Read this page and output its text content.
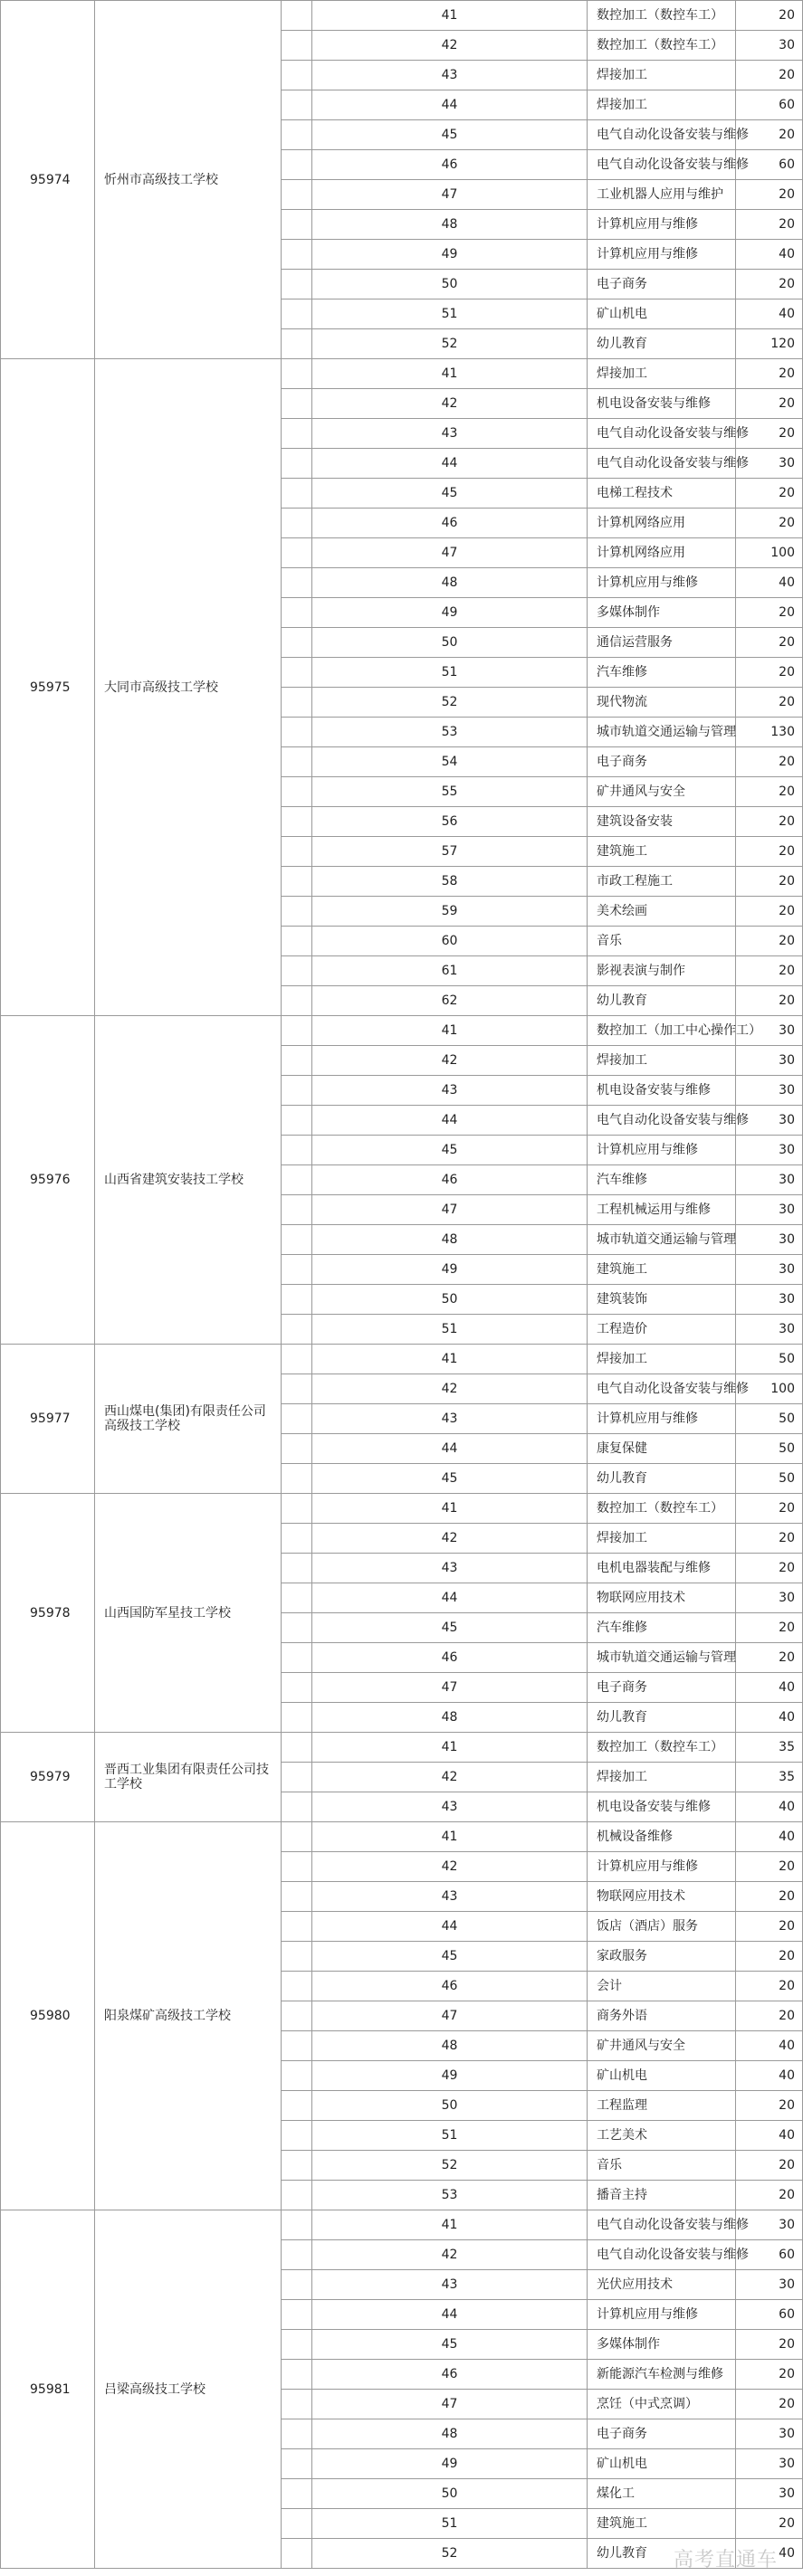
95974	忻州市高级技工学校		41	数控加工（数控车工）	20	
			42	数控加工（数控车工）	30	
			43	焊接加工	20	
			44	焊接加工	60	
			45	电气自动化设备安装与维修	20	
			46	电气自动化设备安装与维修	60	
			47	工业机器人应用与维护	20	
			48	计算机应用与维修	20	
			49	计算机应用与维修	40	
			50	电子商务	20	
			51	矿山机电	40	
			52	幼儿教育	120	
95975	大同市高级技工学校		41	焊接加工	20	
			42	机电设备安装与维修	20	
			43	电气自动化设备安装与维修	20	
			44	电气自动化设备安装与维修	30	
			45	电梯工程技术	20	
			46	计算机网络应用	20	
			47	计算机网络应用	100	
			48	计算机应用与维修	40	
			49	多媒体制作	20	
			50	通信运营服务	20	
			51	汽车维修	20	
			52	现代物流	20	
			53	城市轨道交通运输与管理	130	
			54	电子商务	20	
			55	矿井通风与安全	20	
			56	建筑设备安装	20	
			57	建筑施工	20	
			58	市政工程施工	20	
			59	美术绘画	20	
			60	音乐	20	
			61	影视表演与制作	20	
			62	幼儿教育	20	
95976	山西省建筑安装技工学校		41	数控加工（加工中心操作工）	30	
			42	焊接加工	30	
			43	机电设备安装与维修	30	
			44	电气自动化设备安装与维修	30	
			45	计算机应用与维修	30	
			46	汽车维修	30	
			47	工程机械运用与维修	30	
			48	城市轨道交通运输与管理	30	
			49	建筑施工	30	
			50	建筑装饰	30	
			51	工程造价	30	
95977	西山煤电(集团)有限责任公司高级技工学校		41	焊接加工	50	
			42	电气自动化设备安装与维修	100	
			43	计算机应用与维修	50	
			44	康复保健	50	
			45	幼儿教育	50	
95978	山西国防军星技工学校		41	数控加工（数控车工）	20	
			42	焊接加工	20	
			43	电机电器装配与维修	20	
			44	物联网应用技术	30	
			45	汽车维修	20	
			46	城市轨道交通运输与管理	20	
			47	电子商务	40	
			48	幼儿教育	40	
95979	晋西工业集团有限责任公司技工学校		41	数控加工（数控车工）	35	
			42	焊接加工	35	
			43	机电设备安装与维修	40	
95980	阳泉煤矿高级技工学校		41	机械设备维修	40	
			42	计算机应用与维修	20	
			43	物联网应用技术	20	
			44	饭店（酒店）服务	20	
			45	家政服务	20	
			46	会计	20	
			47	商务外语	20	
			48	矿井通风与安全	40	
			49	矿山机电	40	
			50	工程监理	20	
			51	工艺美术	40	
			52	音乐	20	
			53	播音主持	20	
95981	吕梁高级技工学校		41	电气自动化设备安装与维修	30	
			42	电气自动化设备安装与维修	60	
			43	光伏应用技术	30	
			44	计算机应用与维修	60	
			45	多媒体制作	20	
			46	新能源汽车检测与维修	20	
			47	烹饪（中式烹调）	20	
			48	电子商务	30	
			49	矿山机电	30	
			50	煤化工	30	
			51	建筑施工	20	
			52	幼儿教育	40	
高考直通车
